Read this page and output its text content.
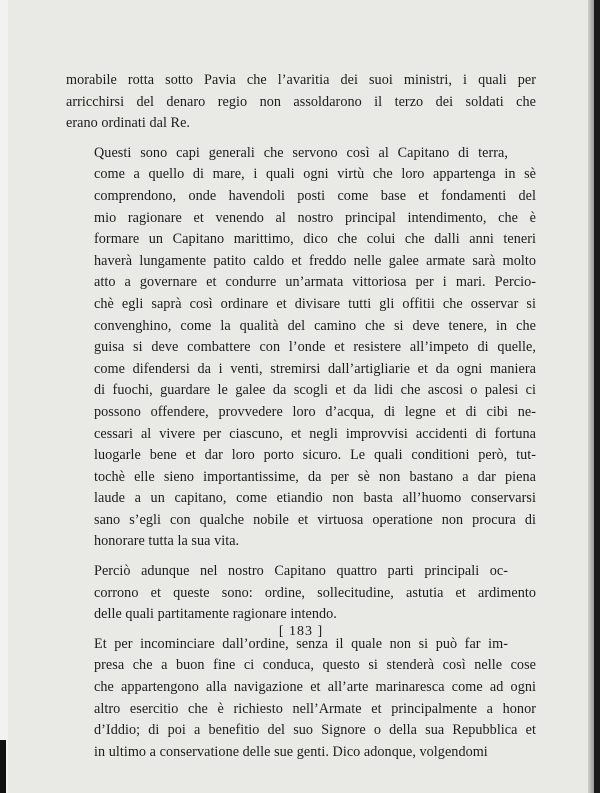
morabile rotta sotto Pavia che l’avaritia dei suoi ministri, i quali per
arricchirsi del denaro regio non assoldarono il terzo dei soldati che
erano ordinati dal Re.

Questi sono capi generali che servono così al Capitano di terra,
come a quello di mare, i quali ogni virtù che loro appartenga in sè
comprendono, onde havendoli posti come base et fondamenti del
mio ragionare et venendo al nostro principal intendimento, che è
formare un Capitano marittimo, dico che colui che dalli anni teneri
haverà lungamente patito caldo et freddo nelle galee armate sarà molto
atto a governare et condurre un’armata vittoriosa per i mari. Percio-
chè egli saprà così ordinare et divisare tutti gli offitii che osservar si
convenghino, come la qualità del camino che si deve tenere, in che
guisa si deve combattere con l’onde et resistere all’impeto di quelle,
come difendersi da i venti, stremirsi dall’artigliarie et da ogni maniera
di fuochi, guardare le galee da scogli et da lidi che ascosi o palesi ci
possono offendere, provvedere loro d’acqua, di legne et di cibi ne-
cessari al vivere per ciascuno, et negli improvvisi accidenti di fortuna
luogarle bene et dar loro porto sicuro. Le quali conditioni però, tut-
tochè elle sieno importantissime, da per sè non bastano a dar piena
laude a un capitano, come etiandio non basta all’huomo conservarsi
sano s’egli con qualche nobile et virtuosa operatione non procura di
honorare tutta la sua vita.

Perciò adunque nel nostro Capitano quattro parti principali oc-
corrono et queste sono: ordine, sollecitudine, astutia et ardimento
delle quali partitamente ragionare intendo.

Et per incominciare dall’ordine, senza il quale non si può far im-
presa che a buon fine ci conduca, questo si stenderà così nelle cose
che appartengono alla navigazione et all’arte marinaresca come ad ogni
altro esercitio che è richiesto nell’Armate et principalmente a honor
d’Iddio; di poi a benefitio del suo Signore o della sua Repubblica et
in ultimo a conservatione delle sue genti. Dico adonque, volgendomi

[ 183 ]
